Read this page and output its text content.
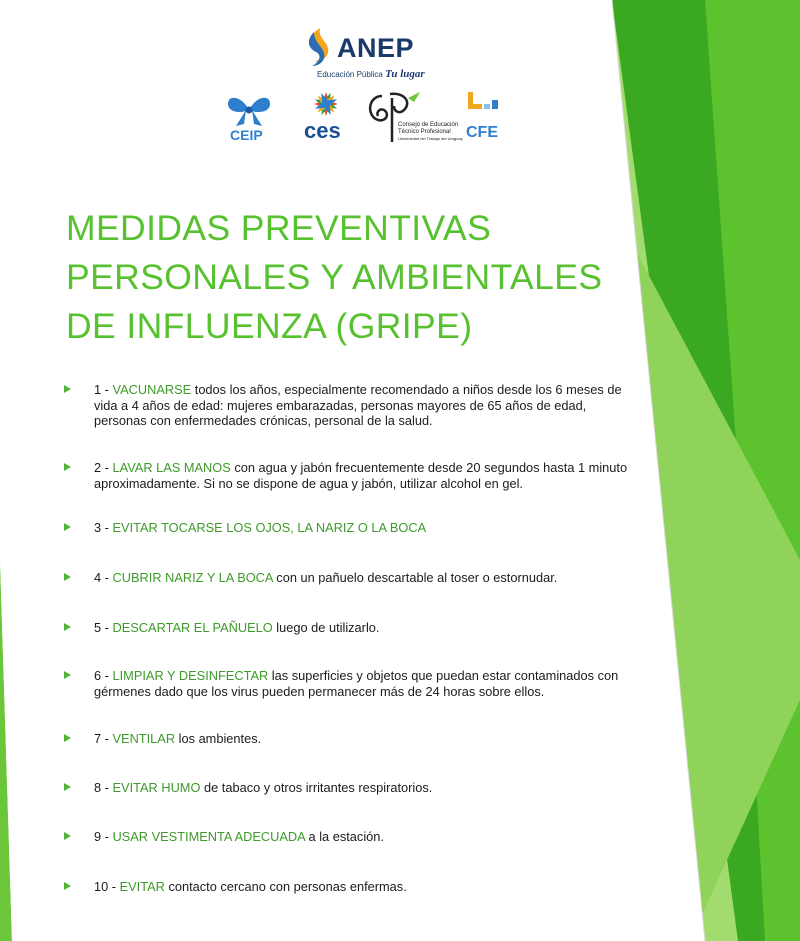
ANEP
Educación Pública Tu lugar
CEIP ces	Consejo de Educación
Técnico Profesional
Universidad del Trabajo del Uruguay CFE
MEDIDAS PREVENTIVAS
PERSONALES Y AMBIENTALES
DE INFLUENZA (GRIPE)
1 - VACUNARSE todos los años, especialmente recomendado a niños desde los 6 meses de vida a 4 años de edad: mujeres embarazadas, personas mayores de 65 años de edad, personas con enfermedades crónicas, personal de la salud.
2 - LAVAR LAS MANOS con agua y jabón frecuentemente desde 20 segundos hasta 1 minuto aproximadamente. Si no se dispone de agua y jabón, utilizar alcohol en gel.
3 - EVITAR TOCARSE LOS OJOS, LA NARIZ O LA BOCA
4 - CUBRIR NARIZ Y LA BOCA con un pañuelo descartable al toser o estornudar.
5 - DESCARTAR EL PAÑUELO luego de utilizarlo.
6 - LIMPIAR Y DESINFECTAR las superficies y objetos que puedan estar contaminados con gérmenes dado que los virus pueden permanecer más de 24 horas sobre ellos.
7 - VENTILAR los ambientes.
8 - EVITAR HUMO de tabaco y otros irritantes respiratorios.
9 - USAR VESTIMENTA ADECUADA a la estación.
10 - EVITAR contacto cercano con personas enfermas.
